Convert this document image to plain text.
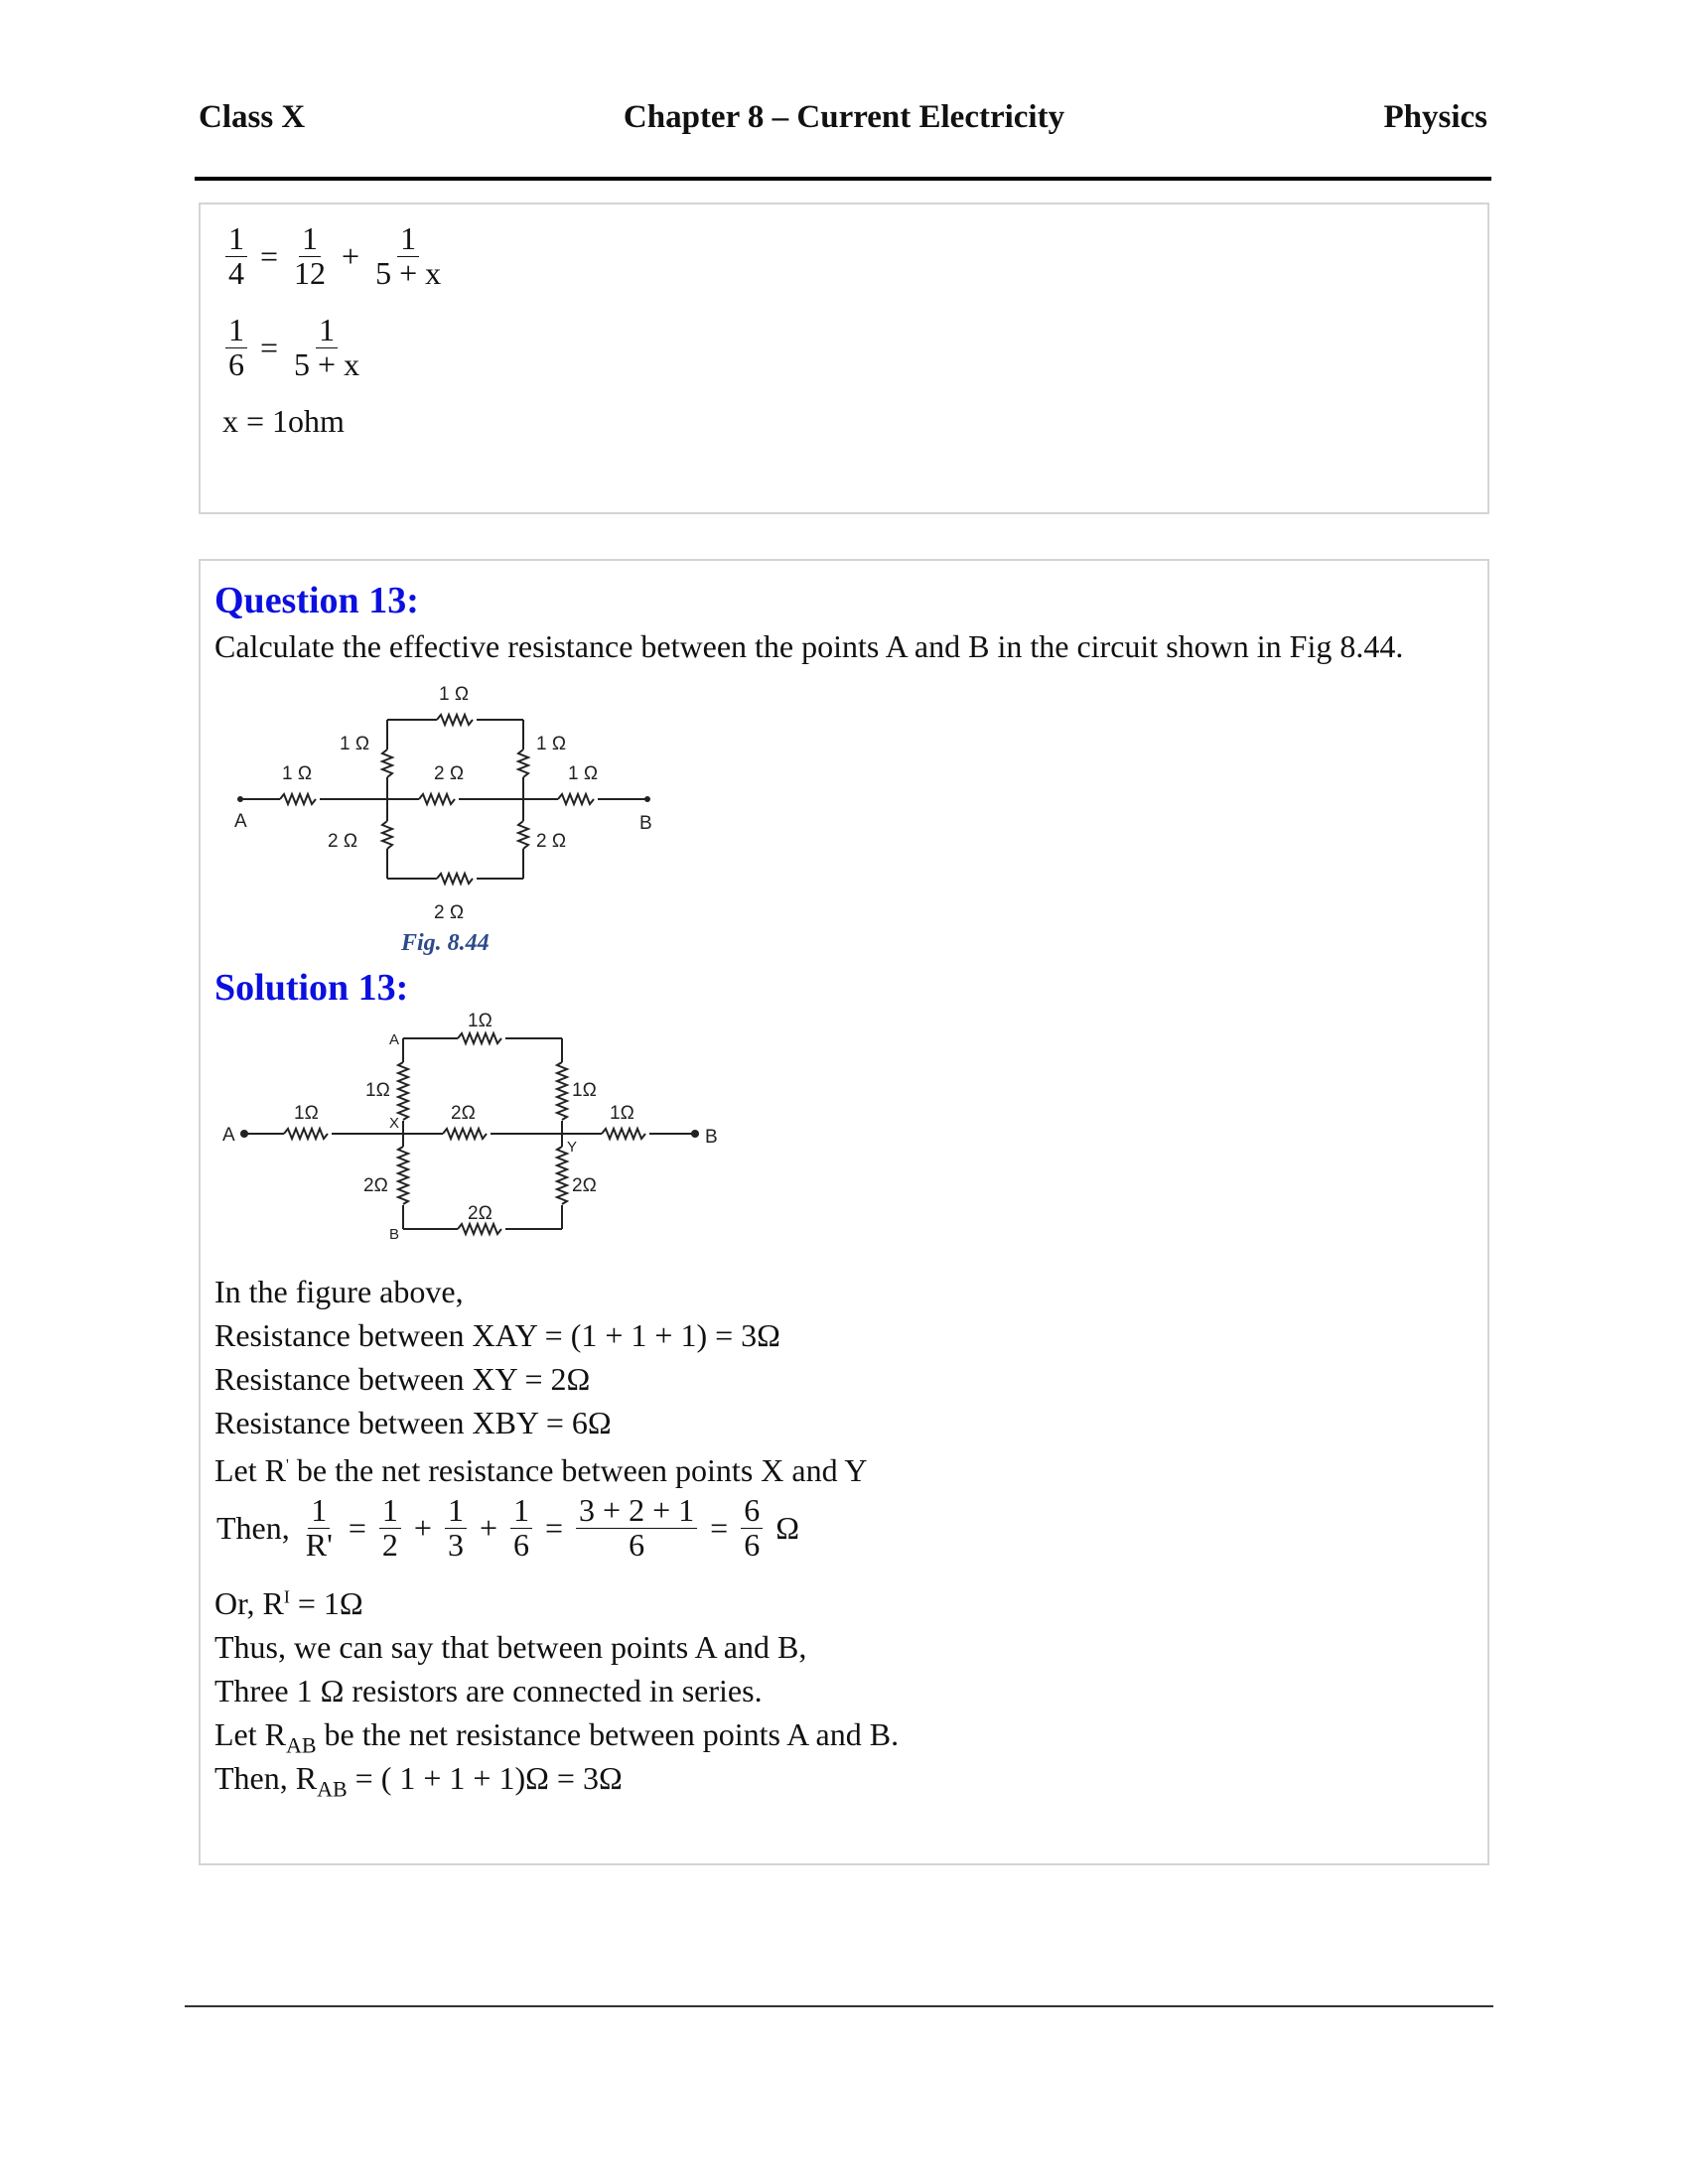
Class X	Chapter 8 – Current Electricity	Physics
$\frac{1}{4} = \frac{1}{12} + \frac{1}{5 + x}$
$\frac{1}{6} = \frac{1}{5 + x}$
x = 1ohm
Question 13:
Calculate the effective resistance between the points A and B in the circuit shown in Fig 8.44.
1 Ω
1 Ω
2 Ω
1 Ω
2 Ω
1 Ω	2 Ω	1 Ω
2 Ω
A	B
Fig. 8.44
Solution 13:
1Ω
1Ω
2Ω
1Ω
2Ω
1Ω	2Ω	1Ω
2Ω
A	B
X
Y
A
B
In the figure above,
Resistance between XAY = (1 + 1 + 1) = 3Ω
Resistance between XY = 2Ω
Resistance between XBY = 6Ω
Let R' be the net resistance between points X and Y
Then, $\frac{1}{R'} = \frac{1}{2} + \frac{1}{3} + \frac{1}{6} = \frac{3 + 2 + 1}{6} = \frac{6}{6}$ Ω
Or, $R^I = 1\Omega$
Thus, we can say that between points A and B,
Three 1 Ω resistors are connected in series.
Let $R_{AB}$ be the net resistance between points A and B.
Then, $R_{AB}$ = ( 1 + 1 + 1)Ω = 3Ω
